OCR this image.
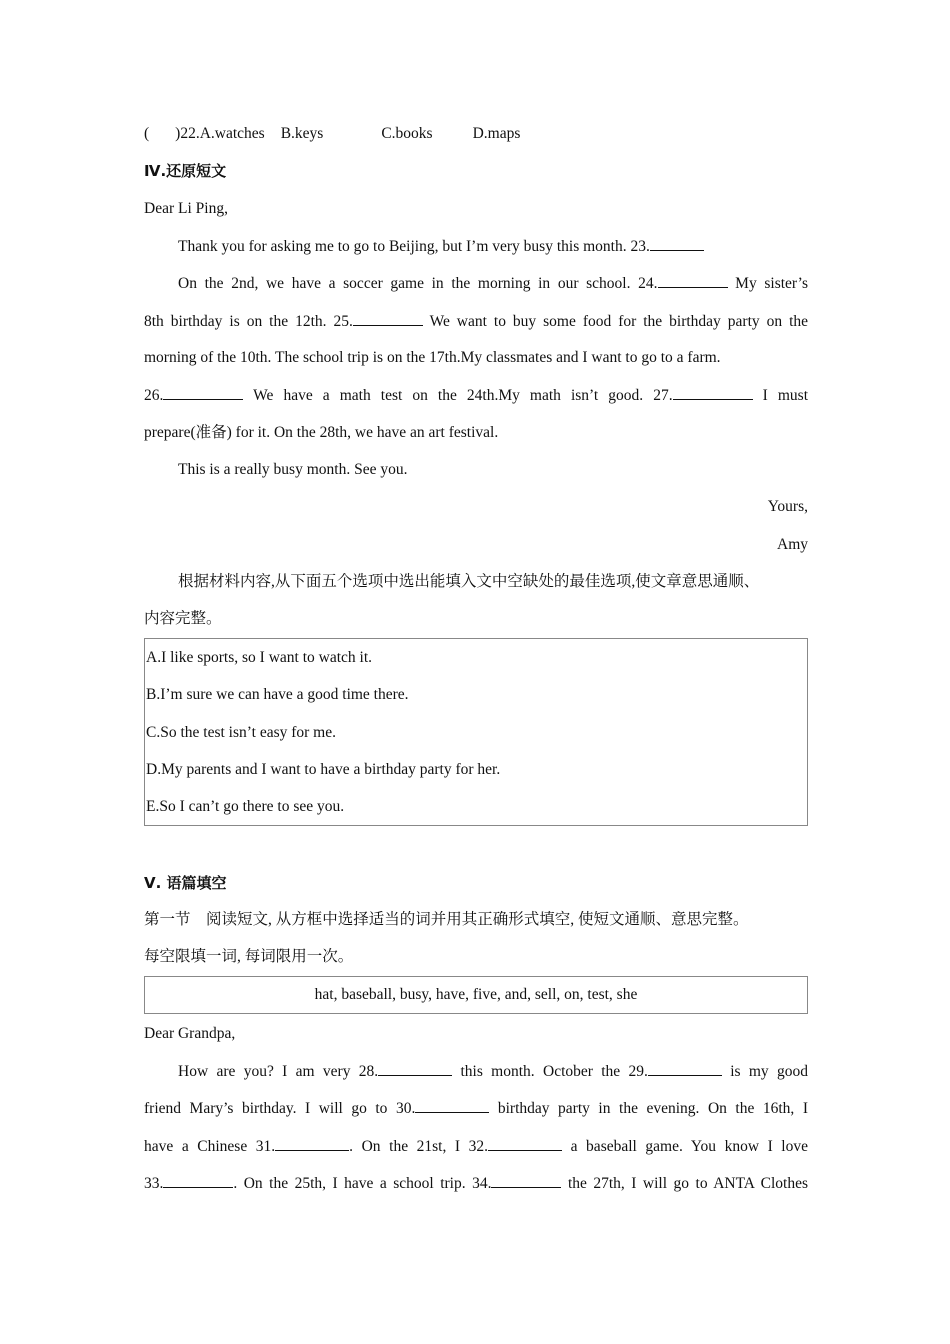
( )22.A.watches B.keys	C.books	D.maps
Ⅳ.还原短文
Dear Li Ping,
Thank you for asking me to go to Beijing, but I’m very busy this month. 23.
On the 2nd, we have a soccer game in the morning in our school. 24.	My sister’s
8th birthday is on the 12th. 25.	We want to buy some food for the birthday party on the
morning of the 10th. The school trip is on the 17th.My classmates and I want to go to a farm.
26.	We have a math test on the 24th.My math isn’t good. 27.	I must
prepare(准备) for it. On the 28th, we have an art festival.
This is a really busy month. See you.
Yours,
Amy
根据材料内容,从下面五个选项中选出能填入文中空缺处的最佳选项,使文章意思通顺、
内容完整。
A.I like sports, so I want to watch it.
B.I’m sure we can have a good time there.
C.So the test isn’t easy for me.
D.My parents and I want to have a birthday party for her.
E.So I can’t go there to see you.
Ⅴ. 语篇填空
第一节　阅读短文, 从方框中选择适当的词并用其正确形式填空, 使短文通顺、意思完整。
每空限填一词, 每词限用一次。
hat, baseball, busy, have, five, and, sell, on, test, she
Dear Grandpa,
How are you? I am very 28.	this month. October the 29.	is my good
friend Mary’s birthday. I will go to 30.	birthday party in the evening. On the 16th, I
have a Chinese 31.	. On the 21st, I 32.	a baseball game. You know I love
33.	. On the 25th, I have a school trip. 34.	the 27th, I will go to ANTA Clothes
